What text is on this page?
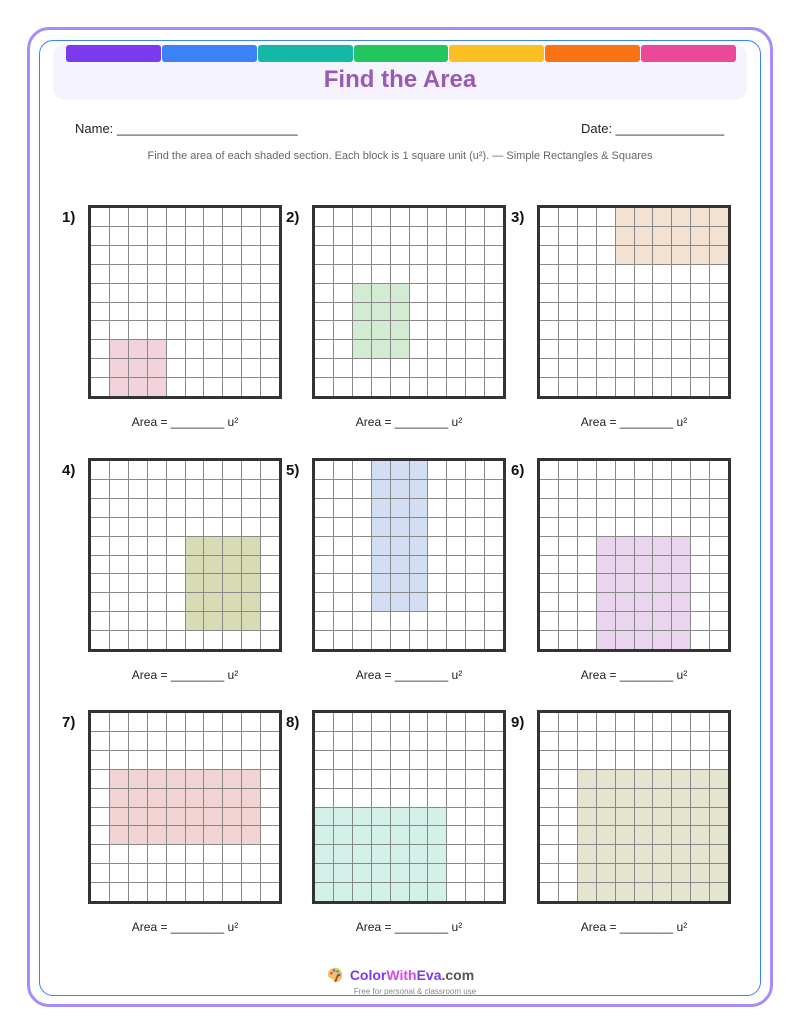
Find the Area
Name: _________________________	Date: _______________
Find the area of each shaded section. Each block is 1 square unit (u²). — Simple Rectangles & Squares
1)
Area = ________ u²
2)
Area = ________ u²
3)
Area = ________ u²
4)
Area = ________ u²
5)
Area = ________ u²
6)
Area = ________ u²
7)
Area = ________ u²
8)
Area = ________ u²
9)
Area = ________ u²
ColorWithEva.com
Free for personal & classroom use
